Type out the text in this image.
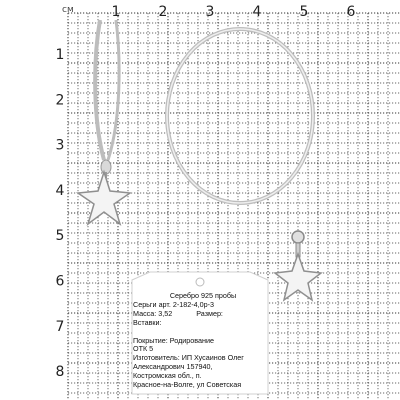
1	2	3	4	5	6
1
2
3
4
5
6
7
8
см
Серебро 925 пробы
Серьги арт. 2-182-4,0р-3
Масса: 3,52	Размер:
Вставки:
Покрытие: Родирование
ОТК 5
Изготовитель: ИП Хусаинов Олег
Александрович 157940,
Костромская обл., п.
Красное-на-Волге, ул Советская
